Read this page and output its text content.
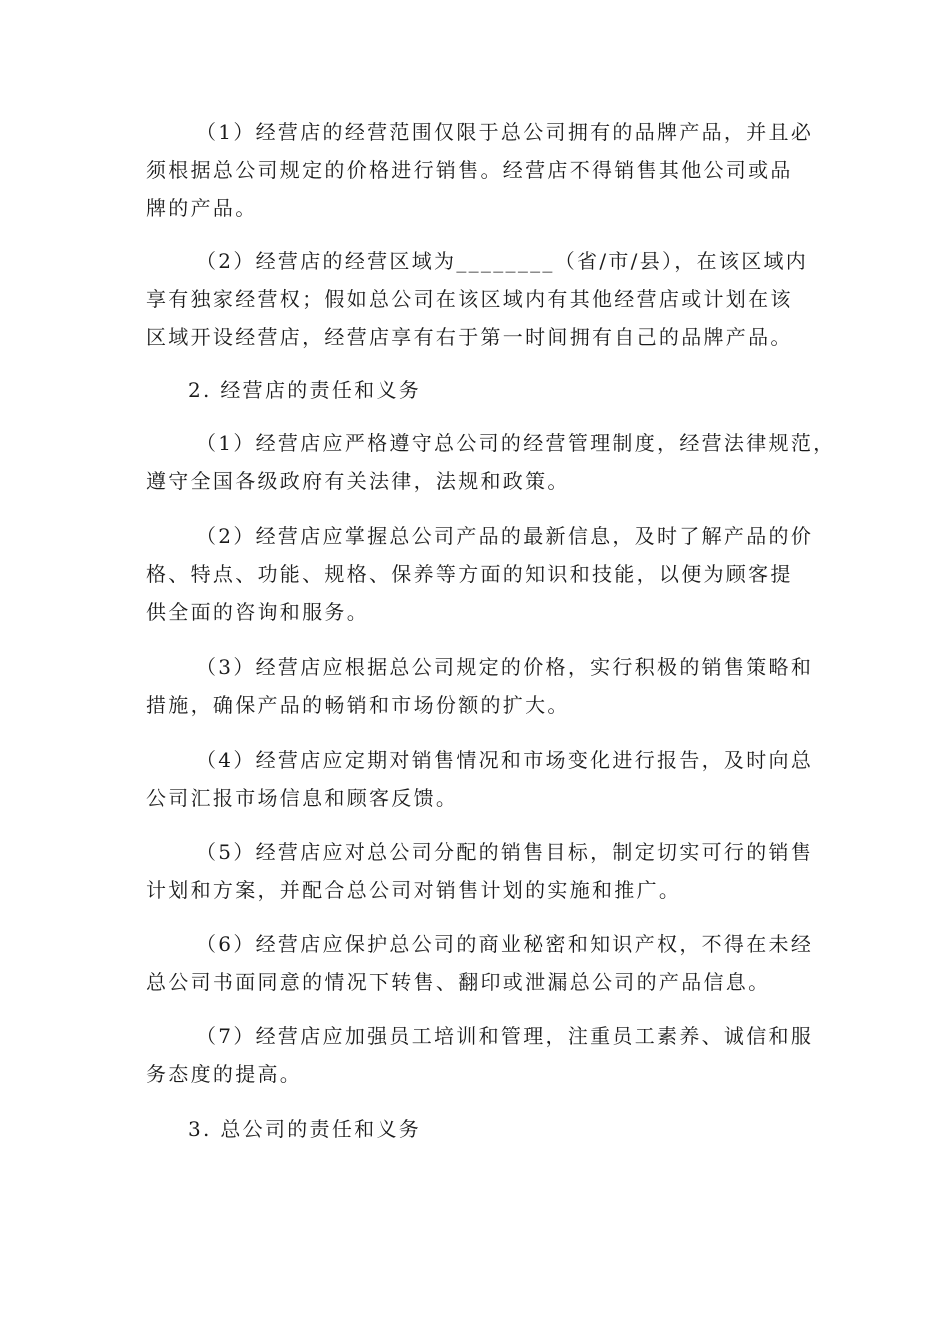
（1）经营店的经营范围仅限于总公司拥有的品牌产品，并且必
须根据总公司规定的价格进行销售。经营店不得销售其他公司或品
牌的产品。

（2）经营店的经营区域为________（省/市/县），在该区域内
享有独家经营权；假如总公司在该区域内有其他经营店或计划在该
区域开设经营店，经营店享有右于第一时间拥有自己的品牌产品。

2. 经营店的责任和义务

（1）经营店应严格遵守总公司的经营管理制度，经营法律规范，
遵守全国各级政府有关法律，法规和政策。

（2）经营店应掌握总公司产品的最新信息，及时了解产品的价
格、特点、功能、规格、保养等方面的知识和技能，以便为顾客提
供全面的咨询和服务。

（3）经营店应根据总公司规定的价格，实行积极的销售策略和
措施，确保产品的畅销和市场份额的扩大。

（4）经营店应定期对销售情况和市场变化进行报告，及时向总
公司汇报市场信息和顾客反馈。

（5）经营店应对总公司分配的销售目标，制定切实可行的销售
计划和方案，并配合总公司对销售计划的实施和推广。

（6）经营店应保护总公司的商业秘密和知识产权，不得在未经
总公司书面同意的情况下转售、翻印或泄漏总公司的产品信息。

（7）经营店应加强员工培训和管理，注重员工素养、诚信和服
务态度的提高。

3. 总公司的责任和义务
